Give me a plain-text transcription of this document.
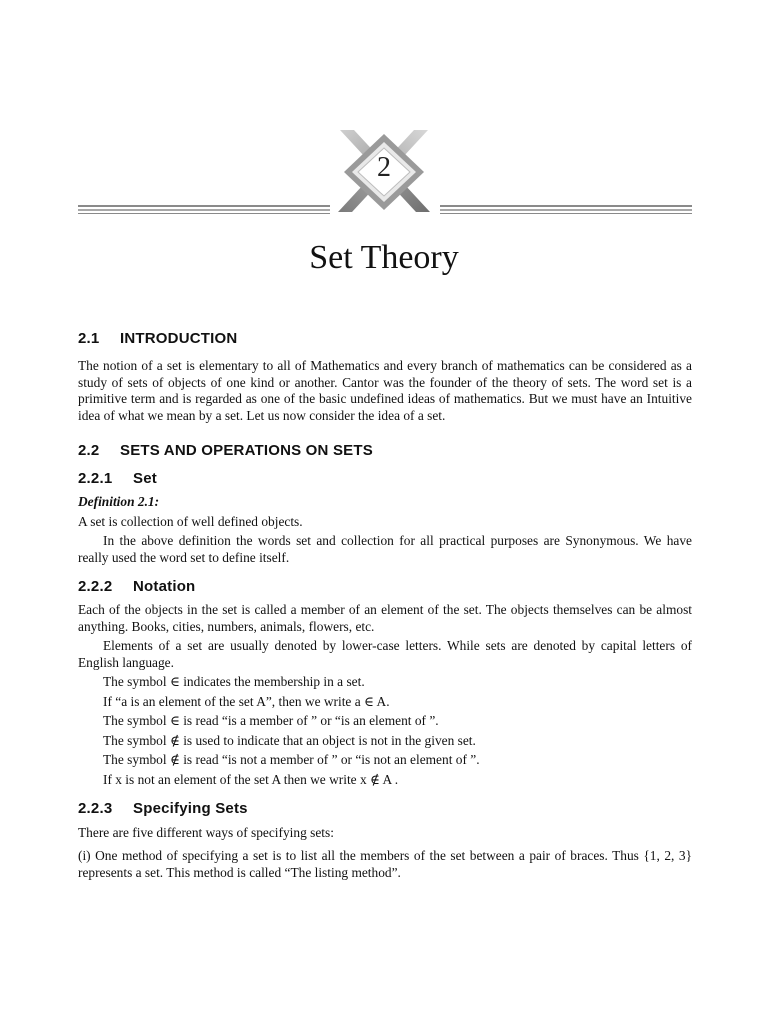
2
Set Theory
2.1 INTRODUCTION
The notion of a set is elementary to all of Mathematics and every branch of mathematics can be considered as a study of sets of objects of one kind or another. Cantor was the founder of the theory of sets. The word set is a primitive term and is regarded as one of the basic undefined ideas of mathematics. But we must have an Intuitive idea of what we mean by a set. Let us now consider the idea of a set.
2.2 SETS AND OPERATIONS ON SETS
2.2.1 Set
Definition 2.1:
A set is collection of well defined objects.
In the above definition the words set and collection for all practical purposes are Synonymous. We have really used the word set to define itself.
2.2.2 Notation
Each of the objects in the set is called a member of an element of the set. The objects themselves can be almost anything. Books, cities, numbers, animals, flowers, etc.
Elements of a set are usually denoted by lower-case letters. While sets are denoted by capital letters of English language.
The symbol ∈ indicates the membership in a set.
If “a is an element of the set A”, then we write a ∈ A.
The symbol ∈ is read “is a member of ” or “is an element of ”.
The symbol ∉ is used to indicate that an object is not in the given set.
The symbol ∉ is read “is not a member of ” or “is not an element of ”.
If x is not an element of the set A then we write x ∉ A .
2.2.3 Specifying Sets
There are five different ways of specifying sets:
(i) One method of specifying a set is to list all the members of the set between a pair of braces. Thus {1, 2, 3} represents a set. This method is called “The listing method”.
